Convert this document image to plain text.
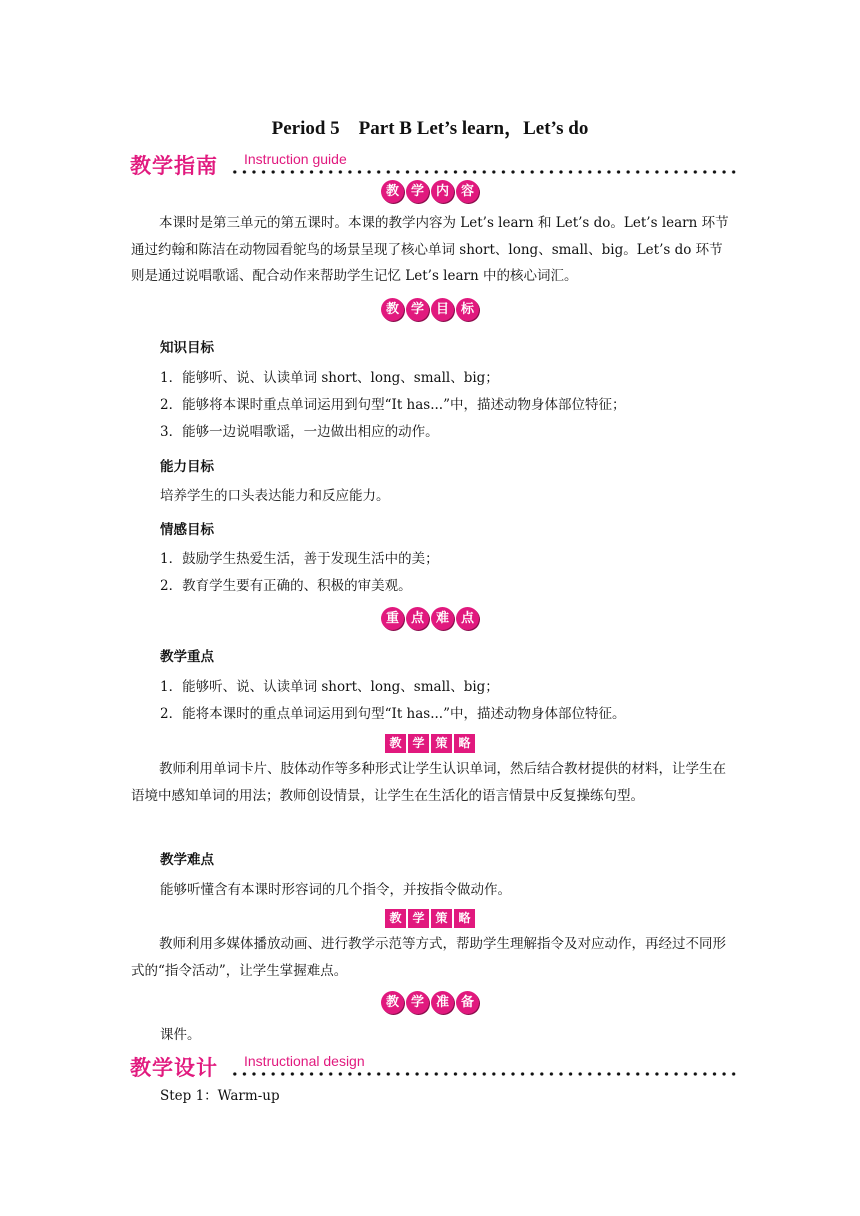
Period 5　Part B Let’s learn，Let’s do
教学指南 Instruction guide
教 学 内 容
本课时是第三单元的第五课时。本课的教学内容为 Let’s learn 和 Let’s do。Let’s learn 环节通过约翰和陈洁在动物园看鸵鸟的场景呈现了核心单词 short、long、small、big。Let’s do 环节则是通过说唱歌谣、配合动作来帮助学生记忆 Let’s learn 中的核心词汇。
教 学 目 标
知识目标
1．能够听、说、认读单词 short、long、small、big；
2．能够将本课时重点单词运用到句型“It has...”中，描述动物身体部位特征；
3．能够一边说唱歌谣，一边做出相应的动作。
能力目标
培养学生的口头表达能力和反应能力。
情感目标
1．鼓励学生热爱生活，善于发现生活中的美；
2．教育学生要有正确的、积极的审美观。
重 点 难 点
教学重点
1．能够听、说、认读单词 short、long、small、big；
2．能将本课时的重点单词运用到句型“It has...”中，描述动物身体部位特征。
教 学 策 略
教师利用单词卡片、肢体动作等多种形式让学生认识单词，然后结合教材提供的材料，让学生在语境中感知单词的用法；教师创设情景，让学生在生活化的语言情景中反复操练句型。
教学难点
能够听懂含有本课时形容词的几个指令，并按指令做动作。
教 学 策 略
教师利用多媒体播放动画、进行教学示范等方式，帮助学生理解指令及对应动作，再经过不同形式的“指令活动”，让学生掌握难点。
教 学 准 备
课件。
教学设计 Instructional design
Step 1：Warm-up
